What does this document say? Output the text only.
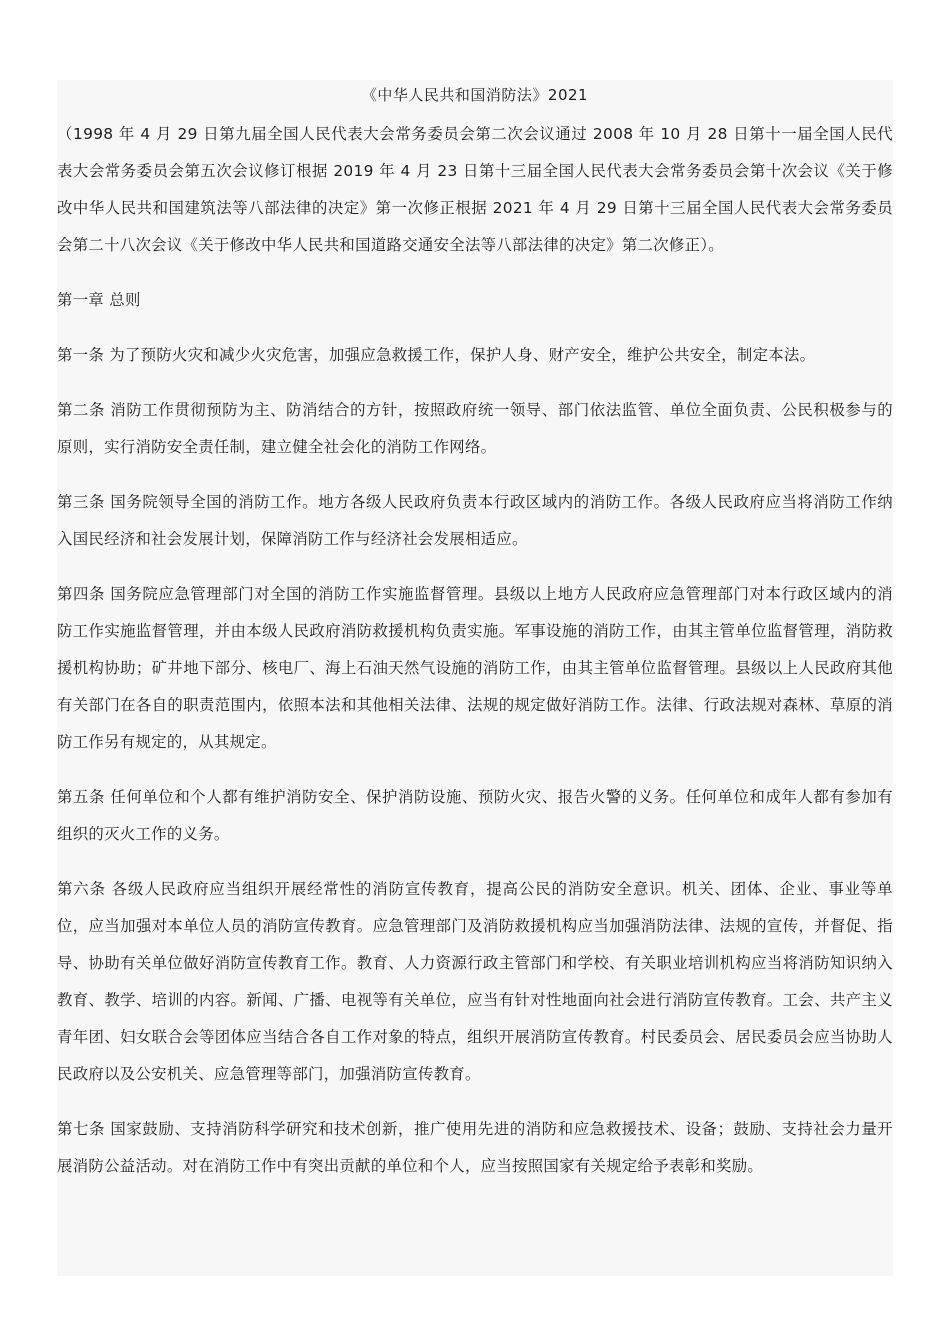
《中华人民共和国消防法》2021

（1998 年 4 月 29 日第九届全国人民代表大会常务委员会第二次会议通过 2008 年 10 月 28 日第十一届全国人民代表大会常务委员会第五次会议修订根据 2019 年 4 月 23 日第十三届全国人民代表大会常务委员会第十次会议《关于修改中华人民共和国建筑法等八部法律的决定》第一次修正根据 2021 年 4 月 29 日第十三届全国人民代表大会常务委员会第二十八次会议《关于修改中华人民共和国道路交通安全法等八部法律的决定》第二次修正）。

第一章 总则

第一条 为了预防火灾和减少火灾危害，加强应急救援工作，保护人身、财产安全，维护公共安全，制定本法。

第二条 消防工作贯彻预防为主、防消结合的方针，按照政府统一领导、部门依法监管、单位全面负责、公民积极参与的原则，实行消防安全责任制，建立健全社会化的消防工作网络。

第三条 国务院领导全国的消防工作。地方各级人民政府负责本行政区域内的消防工作。各级人民政府应当将消防工作纳入国民经济和社会发展计划，保障消防工作与经济社会发展相适应。

第四条 国务院应急管理部门对全国的消防工作实施监督管理。县级以上地方人民政府应急管理部门对本行政区域内的消防工作实施监督管理，并由本级人民政府消防救援机构负责实施。军事设施的消防工作，由其主管单位监督管理，消防救援机构协助；矿井地下部分、核电厂、海上石油天然气设施的消防工作，由其主管单位监督管理。县级以上人民政府其他有关部门在各自的职责范围内，依照本法和其他相关法律、法规的规定做好消防工作。法律、行政法规对森林、草原的消防工作另有规定的，从其规定。

第五条 任何单位和个人都有维护消防安全、保护消防设施、预防火灾、报告火警的义务。任何单位和成年人都有参加有组织的灭火工作的义务。

第六条 各级人民政府应当组织开展经常性的消防宣传教育，提高公民的消防安全意识。机关、团体、企业、事业等单位，应当加强对本单位人员的消防宣传教育。应急管理部门及消防救援机构应当加强消防法律、法规的宣传，并督促、指导、协助有关单位做好消防宣传教育工作。教育、人力资源行政主管部门和学校、有关职业培训机构应当将消防知识纳入教育、教学、培训的内容。新闻、广播、电视等有关单位，应当有针对性地面向社会进行消防宣传教育。工会、共产主义青年团、妇女联合会等团体应当结合各自工作对象的特点，组织开展消防宣传教育。村民委员会、居民委员会应当协助人民政府以及公安机关、应急管理等部门，加强消防宣传教育。

第七条 国家鼓励、支持消防科学研究和技术创新，推广使用先进的消防和应急救援技术、设备；鼓励、支持社会力量开展消防公益活动。对在消防工作中有突出贡献的单位和个人，应当按照国家有关规定给予表彰和奖励。
